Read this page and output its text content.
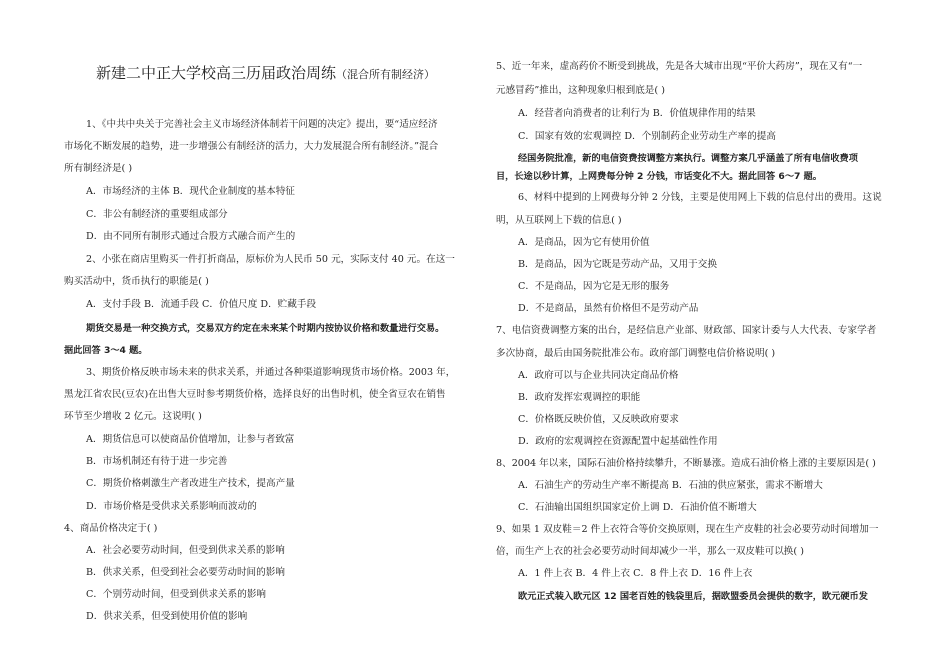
新建二中正大学校高三历届政治周练（混合所有制经济）
1、《中共中央关于完善社会主义市场经济体制若干问题的决定》提出，要“适应经济
市场化不断发展的趋势，进一步增强公有制经济的活力，大力发展混合所有制经济。”混合
所有制经济是( )
A．市场经济的主体 B．现代企业制度的基本特征
C．非公有制经济的重要组成部分
D．由不同所有制形式通过合股方式融合而产生的
2、小张在商店里购买一件打折商品，原标价为人民币 50 元，实际支付 40 元。在这一
购买活动中，货币执行的职能是( )
A．支付手段 B．流通手段 C．价值尺度 D．贮藏手段
3、期货价格反映市场未来的供求关系，并通过各种渠道影响现货市场价格。2003 年，
黑龙江省农民(豆农)在出售大豆时参考期货价格，选择良好的出售时机，使全省豆农在销售
环节至少增收 2 亿元。这说明( )
A．期货信息可以使商品价值增加，让参与者致富
B．市场机制还有待于进一步完善
C．期货价格刺激生产者改进生产技术，提高产量
D．市场价格是受供求关系影响而波动的
4、商品价格决定于( )
A．社会必要劳动时间，但受到供求关系的影响
B．供求关系，但受到社会必要劳动时间的影响
C．个别劳动时间，但受到供求关系的影响
D．供求关系，但受到使用价值的影响
期货交易是一种交换方式，交易双方约定在未来某个时期内按协议价格和数量进行交易。
据此回答 3～4 题。
5、近一年来，虚高药价不断受到挑战，先是各大城市出现“平价大药房”，现在又有“一
元感冒药”推出，这种现象归根到底是( )
A．经营者向消费者的让利行为 B．价值规律作用的结果
C．国家有效的宏观调控 D．个别制药企业劳动生产率的提高
6、材料中提到的上网费每分钟 2 分钱，主要是使用网上下载的信息付出的费用。这说
明，从互联网上下载的信息( )
A．是商品，因为它有使用价值
B．是商品，因为它既是劳动产品，又用于交换
C．不是商品，因为它是无形的服务
D．不是商品，虽然有价格但不是劳动产品
7、电信资费调整方案的出台，是经信息产业部、财政部、国家计委与人大代表、专家学者
多次协商，最后由国务院批准公布。政府部门调整电信价格说明( )
A．政府可以与企业共同决定商品价格
B．政府发挥宏观调控的职能
C．价格既反映价值，又反映政府要求
D．政府的宏观调控在资源配置中起基础性作用
8、2004 年以来，国际石油价格持续攀升，不断暴涨。造成石油价格上涨的主要原因是( )
A．石油生产的劳动生产率不断提高 B．石油的供应紧张，需求不断增大
C．石油输出国组织国家定价上调 D．石油价值不断增大
9、如果 1 双皮鞋＝2 件上衣符合等价交换原则，现在生产皮鞋的社会必要劳动时间增加一
倍，而生产上衣的社会必要劳动时间却减少一半，那么一双皮鞋可以换( )
A．1 件上衣 B．4 件上衣 C．8 件上衣 D．16 件上衣
经国务院批准，新的电信资费按调整方案执行。调整方案几乎涵盖了所有电信收费项
目，长途以秒计算，上网费每分钟 2 分钱，市话变化不大。据此回答 6～7 题。
欧元正式装入欧元区 12 国老百姓的钱袋里后，据欧盟委员会提供的数字，欧元硬币发
